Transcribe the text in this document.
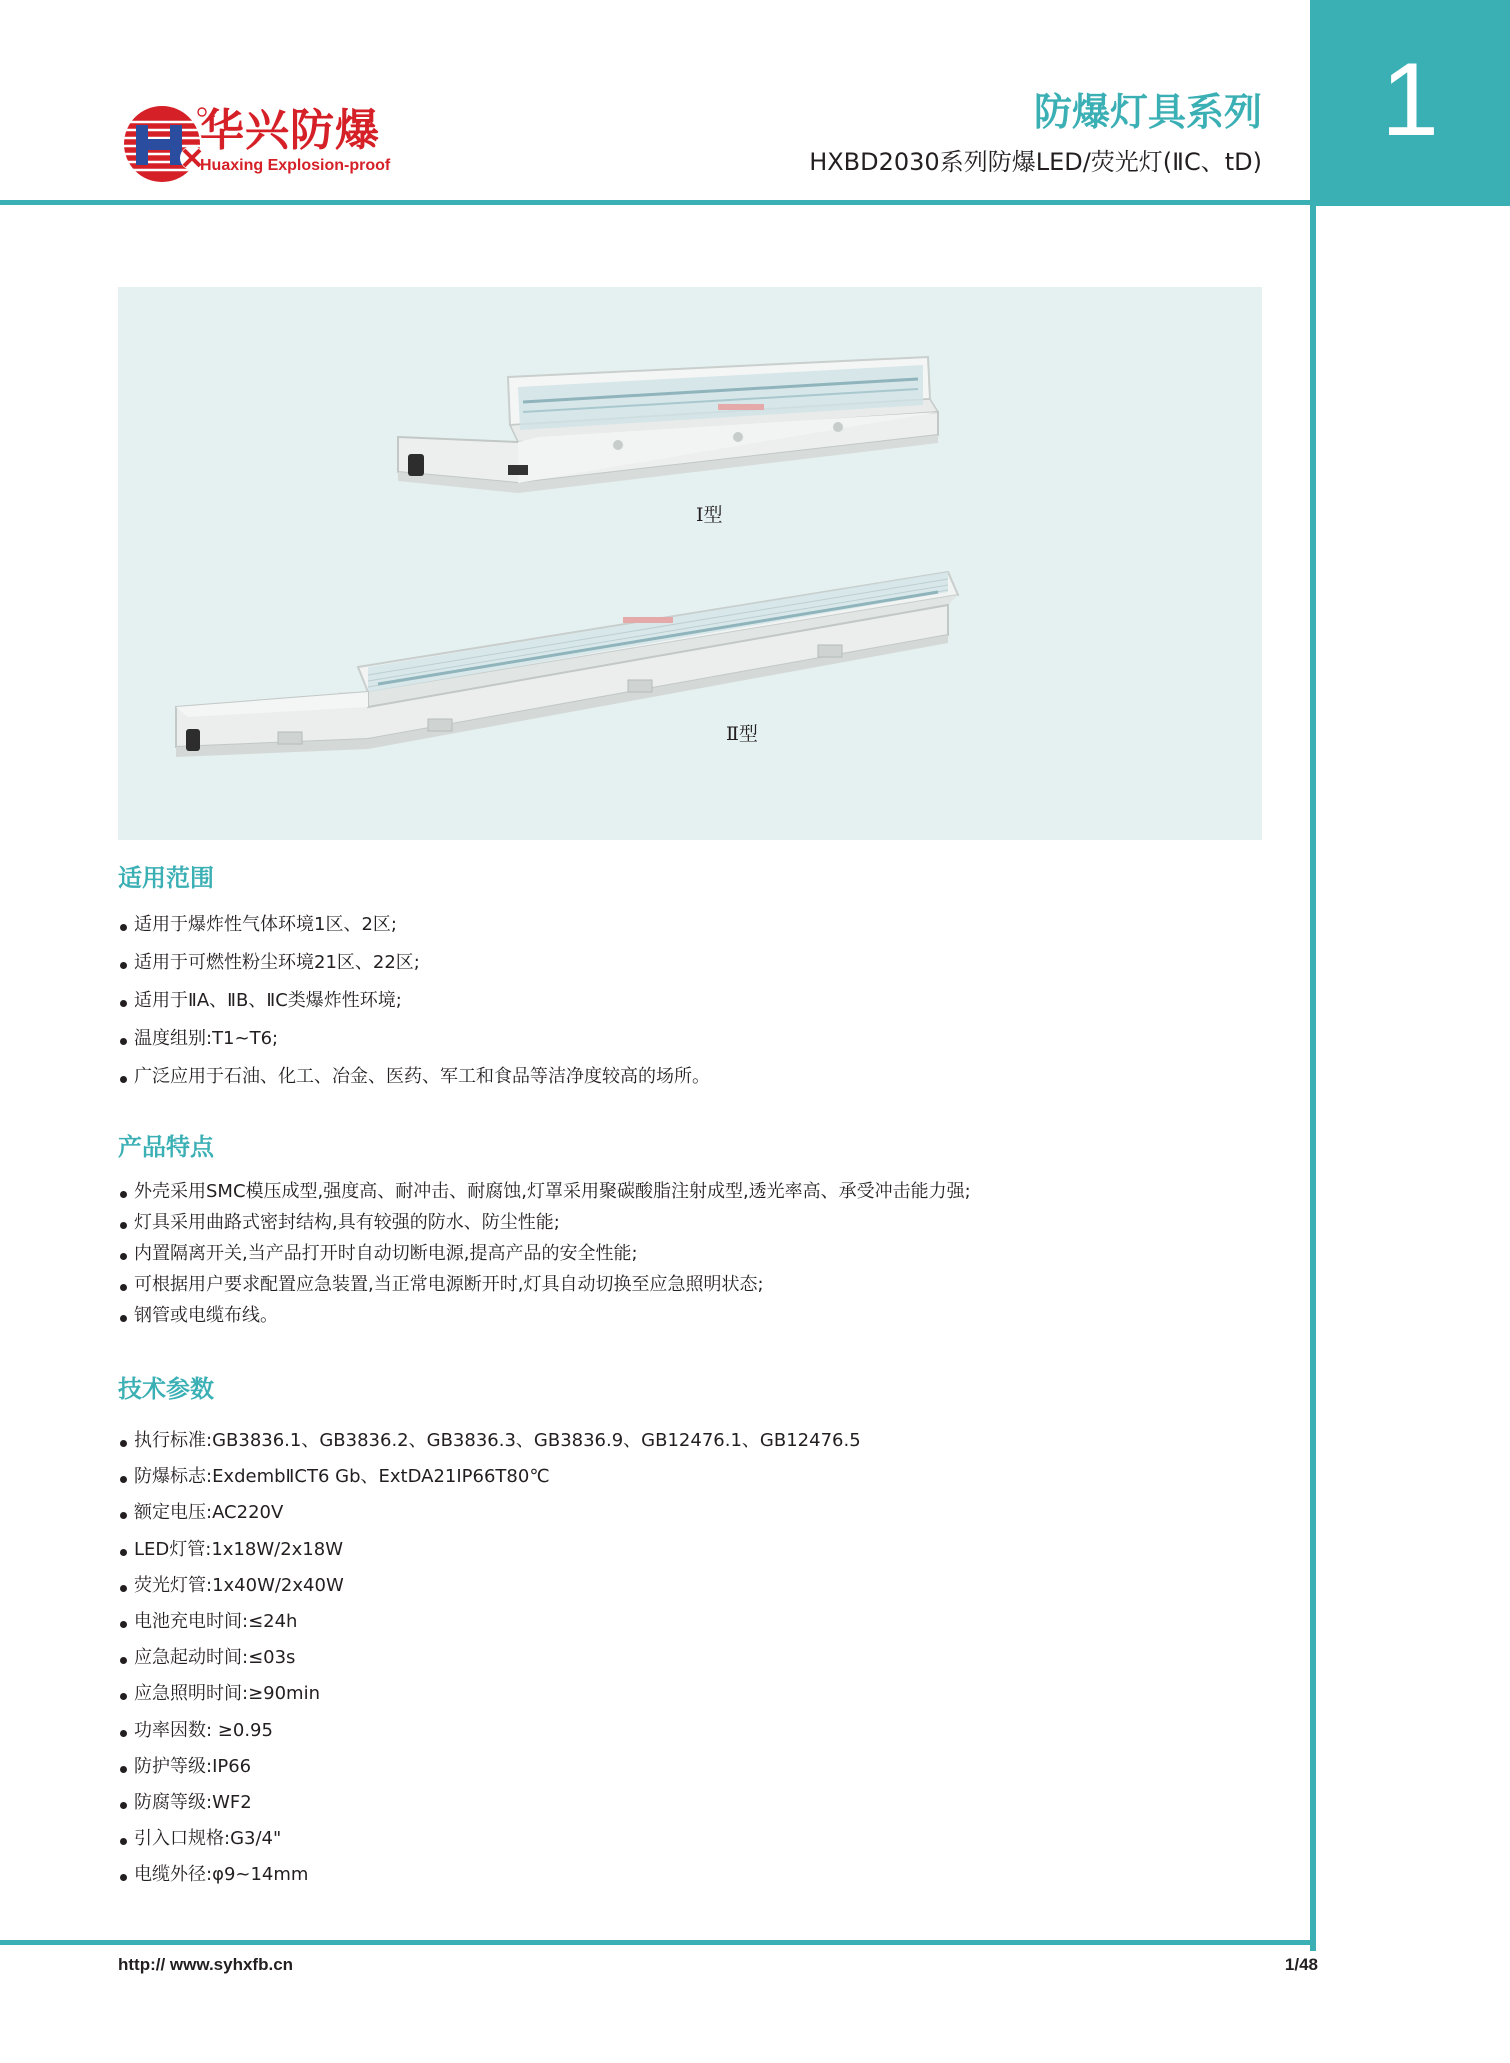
1
华兴防爆
Huaxing Explosion-proof
防爆灯具系列
HXBD2030系列防爆LED/荧光灯(ⅡC、tD)
Ⅰ型
Ⅱ型
适用范围
适用于爆炸性气体环境1区、2区;
适用于可燃性粉尘环境21区、22区;
适用于ⅡA、ⅡB、ⅡC类爆炸性环境;
温度组别:T1~T6;
广泛应用于石油、化工、冶金、医药、军工和食品等洁净度较高的场所。
产品特点
外壳采用SMC模压成型,强度高、耐冲击、耐腐蚀,灯罩采用聚碳酸脂注射成型,透光率高、承受冲击能力强;
灯具采用曲路式密封结构,具有较强的防水、防尘性能;
内置隔离开关,当产品打开时自动切断电源,提高产品的安全性能;
可根据用户要求配置应急装置,当正常电源断开时,灯具自动切换至应急照明状态;
钢管或电缆布线。
技术参数
执行标准:GB3836.1、GB3836.2、GB3836.3、GB3836.9、GB12476.1、GB12476.5
防爆标志:ExdembⅡCT6 Gb、ExtDA21IP66T80℃
额定电压:AC220V
LED灯管:1x18W/2x18W
荧光灯管:1x40W/2x40W
电池充电时间:≤24h
应急起动时间:≤03s
应急照明时间:≥90min
功率因数: ≥0.95
防护等级:IP66
防腐等级:WF2
引入口规格:G3/4"
电缆外径:φ9~14mm
http:// www.syhxfb.cn	1/48
